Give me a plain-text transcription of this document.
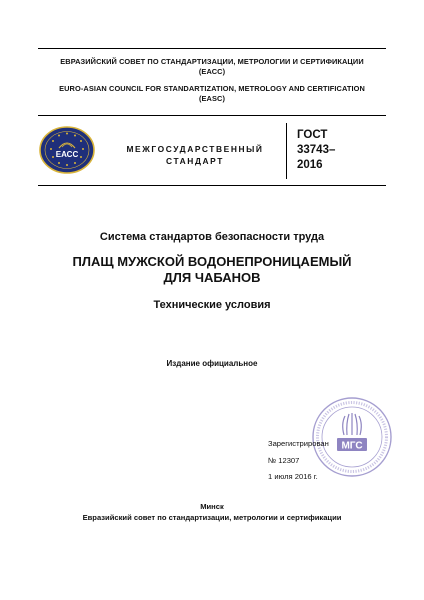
ЕВРАЗИЙСКИЙ СОВЕТ ПО СТАНДАРТИЗАЦИИ, МЕТРОЛОГИИ И СЕРТИФИКАЦИИ
(ЕАСС)
EURO-ASIAN COUNCIL FOR STANDARTIZATION, METROLOGY AND CERTIFICATION
(EASC)
ЕАСС
МЕЖГОСУДАРСТВЕННЫЙ
СТАНДАРТ
ГОСТ
33743–
2016
Система стандартов безопасности труда
ПЛАЩ МУЖСКОЙ ВОДОНЕПРОНИЦАЕМЫЙ
ДЛЯ ЧАБАНОВ
Технические условия
Издание официальное
МГС
Зарегистрирован
№ 12307
1 июля 2016 г.
Минск
Евразийский совет по стандартизации, метрологии и сертификации
